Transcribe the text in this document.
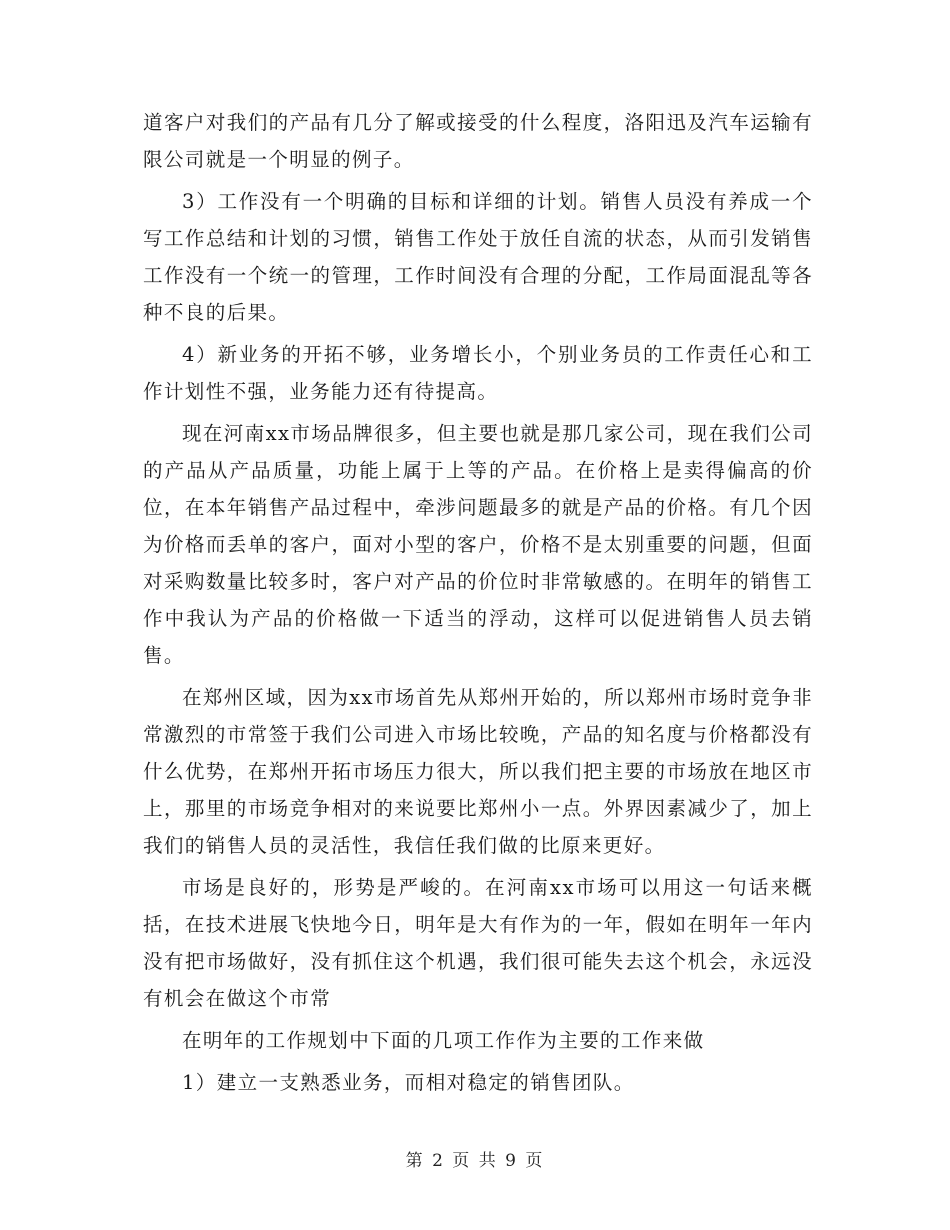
道客户对我们的产品有几分了解或接受的什么程度，洛阳迅及汽车运输有限公司就是一个明显的例子。

3）工作没有一个明确的目标和详细的计划。销售人员没有养成一个写工作总结和计划的习惯，销售工作处于放任自流的状态，从而引发销售工作没有一个统一的管理，工作时间没有合理的分配，工作局面混乱等各种不良的后果。

4）新业务的开拓不够，业务增长小，个别业务员的工作责任心和工作计划性不强，业务能力还有待提高。

现在河南xx市场品牌很多，但主要也就是那几家公司，现在我们公司的产品从产品质量，功能上属于上等的产品。在价格上是卖得偏高的价位，在本年销售产品过程中，牵涉问题最多的就是产品的价格。有几个因为价格而丢单的客户，面对小型的客户，价格不是太别重要的问题，但面对采购数量比较多时，客户对产品的价位时非常敏感的。在明年的销售工作中我认为产品的价格做一下适当的浮动，这样可以促进销售人员去销售。

在郑州区域，因为xx市场首先从郑州开始的，所以郑州市场时竞争非常激烈的市常签于我们公司进入市场比较晚，产品的知名度与价格都没有什么优势，在郑州开拓市场压力很大，所以我们把主要的市场放在地区市上，那里的市场竞争相对的来说要比郑州小一点。外界因素减少了，加上我们的销售人员的灵活性，我信任我们做的比原来更好。

市场是良好的，形势是严峻的。在河南xx市场可以用这一句话来概括，在技术进展飞快地今日，明年是大有作为的一年，假如在明年一年内没有把市场做好，没有抓住这个机遇，我们很可能失去这个机会，永远没有机会在做这个市常

在明年的工作规划中下面的几项工作作为主要的工作来做

1）建立一支熟悉业务，而相对稳定的销售团队。

第 2 页 共 9 页
